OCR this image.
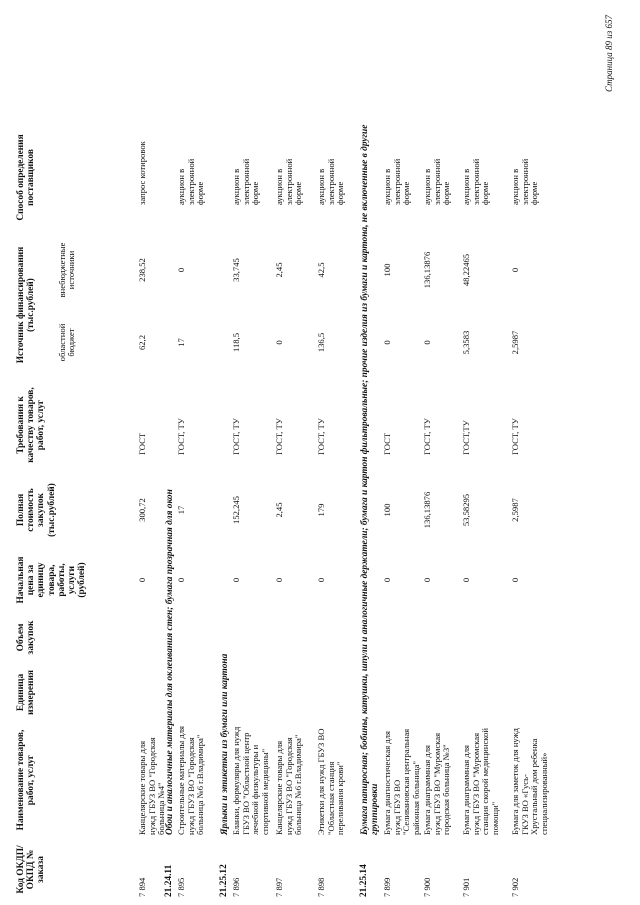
Код ОКДП/ ОКПД № заказа
Наименование товаров, работ, услуг
Единица измерения
Объем закупок
Начальная цена за единицу товара, работы, услуги (рублей)
Полная стоимость закупок (тыс.рублей)
Требования к качеству товаров, работ, услуг
Источник финансирования (тыс.рублей)
областной бюджет
внебюджетные источники
Способ определения поставщиков
7 894
Канцелярские товары для нужд ГБУЗ ВО "Городская больница №4"
0
300,72
ГОСТ
62,2
238,52
запрос котировок
21.24.11
Обои и аналогичные материалы для оклеивания стен; бумага прозрачная для окон
7 895
Строительные материалы для нужд ГБУЗ ВО "Городская больница №6 г.Владимира"
0
17
ГОСТ, ТУ
17
0
аукцион в электронной форме
21.25.12
Ярлыки и этикетки из бумаги или картона
7 896
Бланки, формуляры для нужд ГБУЗ ВО "Областной центр лечебной физкультуры и спортивной медицины"
0
152,245
ГОСТ, ТУ
118,5
33,745
аукцион в электронной форме
7 897
Канцелярские товары для нужд ГБУЗ ВО "Городская больница №6 г.Владимира"
0
2,45
ГОСТ, ТУ
0
2,45
аукцион в электронной форме
7 898
Этикетки для нужд ГБУЗ ВО "Областная станция переливания крови"
0
179
ГОСТ, ТУ
136,5
42,5
аукцион в электронной форме
21.25.14
Бумага папиросная; бобины, катушки, шпули и аналогичные держатели; бумага и картон фильтровальные; прочие изделия из бумаги и картона, не включенные в другие группировки
7 899
Бумага диагностическая для нужд ГБУЗ ВО "Селивановская центральная районная больница"
0
100
ГОСТ
0
100
аукцион в электронной форме
7 900
Бумага диаграммная для нужд ГБУЗ ВО "Муромская городская больница №3"
0
136,13876
ГОСТ, ТУ
0
136,13876
аукцион в электронной форме
7 901
Бумага диаграммная для нужд ГБУЗ ВО "Муромская станция скорой медицинской помощи"
0
53,58295
ГОСТ,ТУ
5,3583
48,22465
аукцион в электронной форме
7 902
Бумага для заметок для нужд ГКУЗ ВО «Гусь-Хрустальный дом ребенка специализированный»
0
2,5987
ГОСТ, ТУ
2,5987
0
аукцион в электронной форме
Страница 89 из 657
